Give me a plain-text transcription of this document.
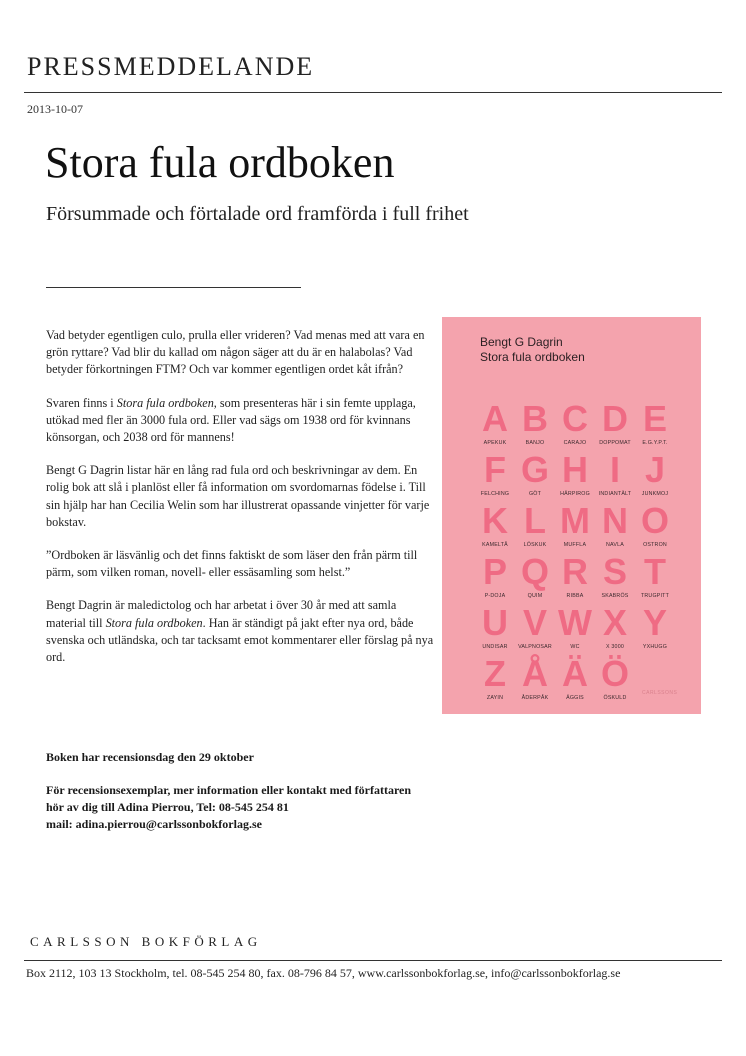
PRESSMEDDELANDE
2013-10-07
Stora fula ordboken
Försummade och förtalade ord framförda i full frihet

Vad betyder egentligen culo, prulla eller vrideren? Vad menas med att vara en grön ryttare? Vad blir du kallad om någon säger att du är en halabolas? Vad betyder förkortningen FTM? Och var kommer egentligen ordet kåt ifrån?

Svaren finns i Stora fula ordboken, som presenteras här i sin femte upplaga, utökad med fler än 3000 fula ord. Eller vad sägs om 1938 ord för kvinnans könsorgan, och 2038 ord för mannens!

Bengt G Dagrin listar här en lång rad fula ord och beskrivningar av dem. En rolig bok att slå i planlöst eller få information om svordomarnas födelse i. Till sin hjälp har han Cecilia Welin som har illustrerat opassande vinjetter för varje bokstav.

”Ordboken är läsvänlig och det finns faktiskt de som läser den från pärm till pärm, som vilken roman, novell- eller essäsamling som helst.”

Bengt Dagrin är maledictolog och har arbetat i över 30 år med att samla material till Stora fula ordboken. Han är ständigt på jakt efter nya ord, både svenska och utländska, och tar tacksamt emot kommentarer eller förslag på nya ord.

Boken har recensionsdag den 29 oktober

För recensionsexemplar, mer information eller kontakt med författaren
hör av dig till Adina Pierrou, Tel: 08-545 254 81
mail: adina.pierrou@carlssonbokforlag.se

Bengt G Dagrin
Stora fula ordboken
A
APEKUK
B
BANJO
C
CARAJO
D
DOPPOMAT
E
E.G.Y.P.T.
F
FELCHING
G
GÖT
H
HÄRPIROG
I
INDIANTÄLT
J
JUNKMOJ
K
KAMELTÅ
L
LÖSKUK
M
MUFFLA
N
NAVLA
O
OSTRON
P
P-DOJA
Q
QUIM
R
RIBBA
S
SKABRÖS
T
TRUGPITT
U
UNDISAR
V
VALPNOSAR
W
WC
X
X 3000
Y
YXHUGG
Z
ZAYIN
Å
ÅDERPÅK
Ä
ÄGGIS
Ö
ÖSKULD
CARLSSONS
CARLSSON BOKFÖRLAG
Box 2112, 103 13 Stockholm, tel. 08-545 254 80, fax. 08-796 84 57, www.carlssonbokforlag.se, info@carlssonbokforlag.se
